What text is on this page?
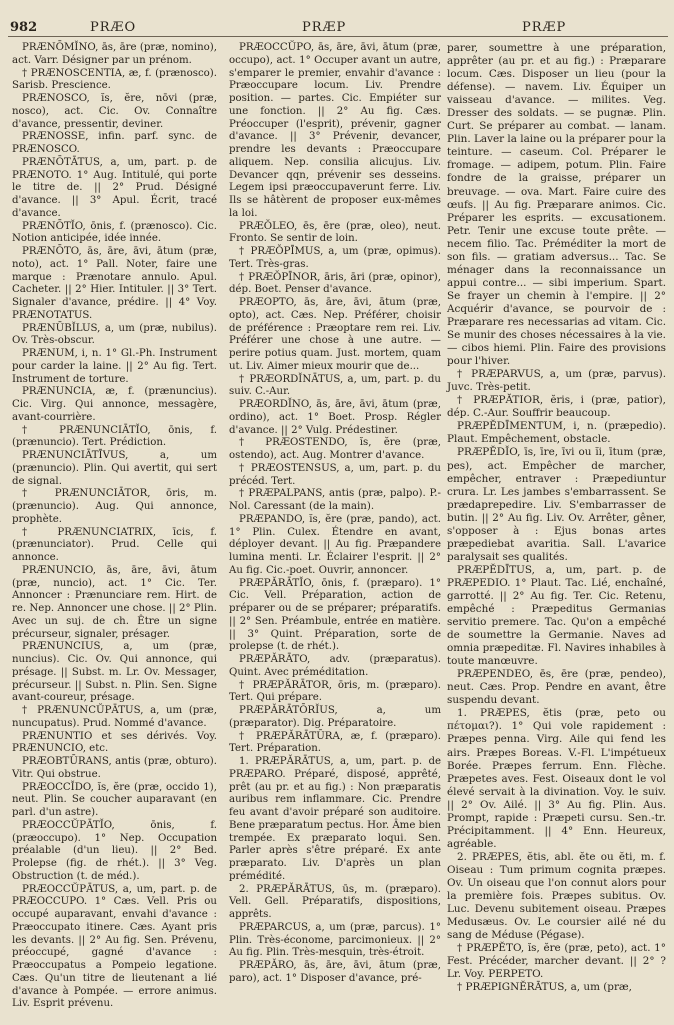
982	PRÆO	PRÆP	PRÆP

PRÆNŌMĬNO, ās, āre (præ, nomino), act. Varr. Désigner par un prénom.

† PRÆNOSCENTIA, æ, f. (prænosco). Sarisb. Prescience.

PRÆNOSCO, ĭs, ĕre, nōvi (præ, nosco), act. Cic. Ov. Connaître d'avance, pressentir, deviner.

PRÆNOSSE, infin. parf. sync. de PRÆNOSCO.

PRÆNŌTĀTUS, a, um, part. p. de PRÆNOTO. 1° Aug. Intitulé, qui porte le titre de. || 2° Prud. Désigné d'avance. || 3° Apul. Écrit, tracé d'avance.

PRÆNŌTĬO, ōnis, f. (prænosco). Cic. Notion anticipée, idée innée.

PRÆNŌTO, ās, āre, āvi, ātum (præ, noto), act. 1° Pall. Noter, faire une marque : Prænotare annulo. Apul. Cacheter. || 2° Hier. Intituler. || 3° Tert. Signaler d'avance, prédire. || 4° Voy. PRÆNOTATUS.

PRÆNŪBĬLUS, a, um (præ, nubilus). Ov. Très-obscur.

PRÆNUM, i, n. 1° Gl.-Ph. Instrument pour carder la laine. || 2° Au fig. Tert. Instrument de torture.

PRÆNUNCIA, æ, f. (prænuncius). Cic. Virg. Qui annonce, messagère, avant-courrière.

† PRÆNUNCIĀTĬO, ōnis, f. (prænuncio). Tert. Prédiction.

PRÆNUNCIĀTĪVUS, a, um (prænuncio). Plin. Qui avertit, qui sert de signal.

† PRÆNUNCIĀTOR, ōris, m. (prænuncio). Aug. Qui annonce, prophète.

† PRÆNUNCIATRIX, īcis, f. (prænunciator). Prud. Celle qui annonce.

PRÆNUNCIO, ās, āre, āvi, ātum (præ, nuncio), act. 1° Cic. Ter. Annoncer : Prænunciare rem. Hirt. de re. Nep. Annoncer une chose. || 2° Plin. Avec un suj. de ch. Être un signe précurseur, signaler, présager.

PRÆNUNCIUS, a, um (præ, nuncius). Cic. Ov. Qui annonce, qui présage. || Subst. m. Lr. Ov. Messager, précurseur. || Subst. n. Plin. Sen. Signe avant-coureur, présage.

† PRÆNUNCŬPĀTUS, a, um (præ, nuncupatus). Prud. Nommé d'avance.

PRÆNUNTIO et ses dérivés. Voy. PRÆNUNCIO, etc.

PRÆOBTŪRANS, antis (præ, obturo). Vitr. Qui obstrue.

PRÆOCCĬDO, ĭs, ĕre (præ, occido 1), neut. Plin. Se coucher auparavant (en parl. d'un astre).

PRÆOCCŬPĀTĬO, ōnis, f. (præoccupo). 1° Nep. Occupation préalable (d'un lieu). || 2° Bed. Prolepse (fig. de rhét.). || 3° Veg. Obstruction (t. de méd.).

PRÆOCCŬPĀTUS, a, um, part. p. de PRÆOCCUPO. 1° Cæs. Vell. Pris ou occupé auparavant, envahi d'avance : Præoccupato itinere. Cæs. Ayant pris les devants. || 2° Au fig. Sen. Prévenu, préoccupé, gagné d'avance : Præoccupatus a Pompeio legatione. Cæs. Qu'un titre de lieutenant a lié d'avance à Pompée. — errore animus. Liv. Esprit prévenu.

PRÆOCCŬPO, ās, āre, āvi, ātum (præ, occupo), act. 1° Occuper avant un autre, s'emparer le premier, envahir d'avance : Præoccupare locum. Liv. Prendre position. — partes. Cic. Empiéter sur une fonction. || 2° Au fig. Cæs. Préoccuper (l'esprit), prévenir, gagner d'avance. || 3° Prévenir, devancer, prendre les devants : Præoccupare aliquem. Nep. consilia alicujus. Liv. Devancer qqn, prévenir ses desseins. Legem ipsi præoccupaverunt ferre. Liv. Ils se hâtèrent de proposer eux-mêmes la loi.

PRÆŎLEO, ēs, ēre (præ, oleo), neut. Fronto. Se sentir de loin.

† PRÆŎPĪMUS, a, um (præ, opimus). Tert. Très-gras.

† PRÆŎPĪNOR, āris, āri (præ, opinor), dép. Boet. Penser d'avance.

PRÆOPTO, ās, āre, āvi, ātum (præ, opto), act. Cæs. Nep. Préférer, choisir de préférence : Præoptare rem rei. Liv. Préférer une chose à une autre. — perire potius quam. Just. mortem, quam ut. Liv. Aimer mieux mourir que de...

† PRÆORDĬNĀTUS, a, um, part. p. du suiv. C.-Aur.

PRÆORDĬNO, ās, āre, āvi, ātum (præ, ordino), act. 1° Boet. Prosp. Régler d'avance. || 2° Vulg. Prédestiner.

† PRÆOSTENDO, ĭs, ĕre (præ, ostendo), act. Aug. Montrer d'avance.

† PRÆOSTENSUS, a, um, part. p. du précéd. Tert.

† PRÆPALPANS, antis (præ, palpo). P.-Nol. Caressant (de la main).

PRÆPANDO, ĭs, ĕre (præ, pando), act. 1° Plin. Culex. Étendre en avant, déployer devant. || Au fig. Præpandere lumina menti. Lr. Éclairer l'esprit. || 2° Au fig. Cic.-poet. Ouvrir, annoncer.

PRÆPĂRĀTĬO, ōnis, f. (præparo). 1° Cic. Vell. Préparation, action de préparer ou de se préparer; préparatifs. || 2° Sen. Préambule, entrée en matière. || 3° Quint. Préparation, sorte de prolepse (t. de rhét.).

PRÆPĂRĀTO, adv. (præparatus). Quint. Avec préméditation.

† PRÆPĂRĀTOR, ōris, m. (præparo). Tert. Qui prépare.

PRÆPĂRĀTŌRĬUS, a, um (præparator). Dig. Préparatoire.

† PRÆPĂRĀTŪRA, æ, f. (præparo). Tert. Préparation.

1. PRÆPĂRĀTUS, a, um, part. p. de PRÆPARO. Préparé, disposé, apprêté, prêt (au pr. et au fig.) : Non præparatis auribus rem inflammare. Cic. Prendre feu avant d'avoir préparé son auditoire. Bene præparatum pectus. Hor. Âme bien trempée. Ex præparato loqui. Sen. Parler après s'être préparé. Ex ante præparato. Liv. D'après un plan prémédité.

2. PRÆPĂRĀTUS, ūs, m. (præparo). Vell. Gell. Préparatifs, dispositions, apprêts.

PRÆPARCUS, a, um (præ, parcus). 1° Plin. Très-économe, parcimonieux. || 2° Au fig. Plin. Très-mesquin, très-étroit.

PRÆPĂRO, ās, āre, āvi, ātum (præ, paro), act. 1° Disposer d'avance, pré-

parer, soumettre à une préparation, apprêter (au pr. et au fig.) : Præparare locum. Cæs. Disposer un lieu (pour la défense). — navem. Liv. Équiper un vaisseau d'avance. — milites. Veg. Dresser des soldats. — se pugnæ. Plin. Curt. Se préparer au combat. — lanam. Plin. Laver la laine ou la préparer pour la teinture. — caseum. Col. Préparer le fromage. — adipem, potum. Plin. Faire fondre de la graisse, préparer un breuvage. — ova. Mart. Faire cuire des œufs. || Au fig. Præparare animos. Cic. Préparer les esprits. — excusationem. Petr. Tenir une excuse toute prête. — necem filio. Tac. Préméditer la mort de son fils. — gratiam adversus... Tac. Se ménager dans la reconnaissance un appui contre... — sibi imperium. Spart. Se frayer un chemin à l'empire. || 2° Acquérir d'avance, se pourvoir de : Præparare res necessarias ad vitam. Cic. Se munir des choses nécessaires à la vie. — cibos hiemi. Plin. Faire des provisions pour l'hiver.

† PRÆPARVUS, a, um (præ, parvus). Juvc. Très-petit.

† PRÆPĂTIOR, ĕris, i (præ, patior), dép. C.-Aur. Souffrir beaucoup.

PRÆPĔDĪMENTUM, i, n. (præpedio). Plaut. Empêchement, obstacle.

PRÆPĔDĬO, īs, īre, īvi ou ĭi, ītum (præ, pes), act. Empêcher de marcher, empêcher, entraver : Præpediuntur crura. Lr. Les jambes s'embarrassent. Se prædaprepedire. Liv. S'embarrasser de butin. || 2° Au fig. Liv. Ov. Arrêter, gêner, s'opposer à : Ejus bonas artes præpediebat avaritia. Sall. L'avarice paralysait ses qualités.

PRÆPĔDĪTUS, a, um, part. p. de PRÆPEDIO. 1° Plaut. Tac. Lié, enchaîné, garrotté. || 2° Au fig. Ter. Cic. Retenu, empêché : Præpeditus Germanias servitio premere. Tac. Qu'on a empêché de soumettre la Germanie. Naves ad omnia præpeditæ. Fl. Navires inhabiles à toute manœuvre.

PRÆPENDEO, ēs, ēre (præ, pendeo), neut. Cæs. Prop. Pendre en avant, être suspendu devant.

1. PRÆPES, ĕtis (præ, peto ou πέτομαι?). 1° Qui vole rapidement : Præpes penna. Virg. Aile qui fend les airs. Præpes Boreas. V.-Fl. L'impétueux Borée. Præpes ferrum. Enn. Flèche. Præpetes aves. Fest. Oiseaux dont le vol élevé servait à la divination. Voy. le suiv. || 2° Ov. Ailé. || 3° Au fig. Plin. Aus. Prompt, rapide : Præpeti cursu. Sen.-tr. Précipitamment. || 4° Enn. Heureux, agréable.

2. PRÆPES, ĕtis, abl. ĕte ou ĕti, m. f. Oiseau : Tum primum cognita præpes. Ov. Un oiseau que l'on connut alors pour la première fois. Præpes subitus. Ov. Luc. Devenu subitement oiseau. Præpes Medusæus. Ov. Le coursier ailé né du sang de Méduse (Pégase).

† PRÆPĔTO, ĭs, ĕre (præ, peto), act. 1° Fest. Précéder, marcher devant. || 2° ? Lr. Voy. PERPETO.

† PRÆPIGNĔRĀTUS, a, um (præ,
